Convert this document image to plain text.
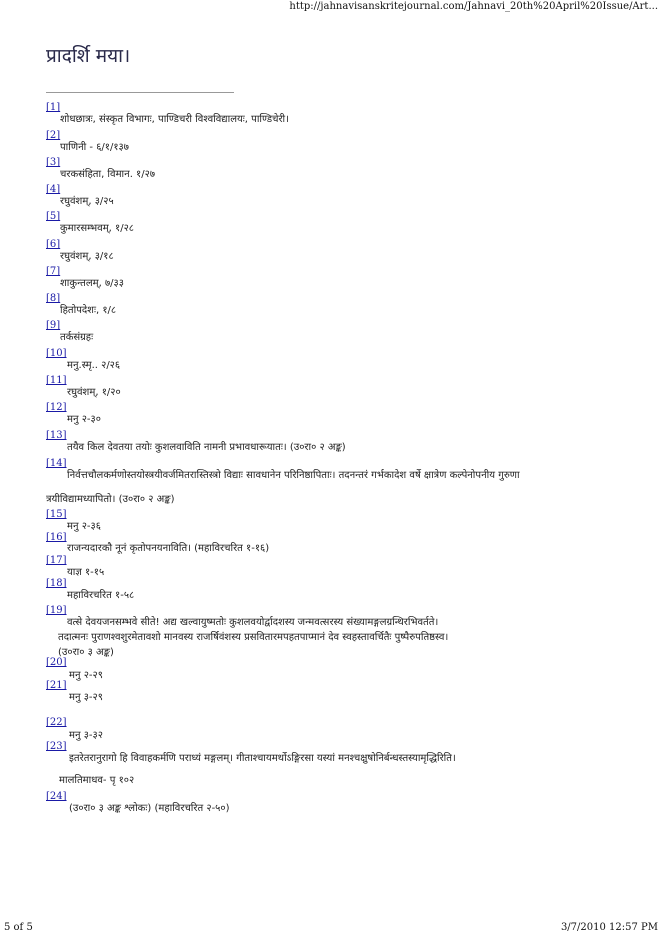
http://jahnavisanskritejournal.com/Jahnavi_20th%20April%20Issue/Art...
प्रादर्शि मया।
[1]
शोधछात्रः, संस्कृत विभागः, पाण्डिचरी विश्वविद्यालयः, पाण्डिचेरी।
[2]
पाणिनी - ६/१/१३७
[3]
चरकसंहिता, विमान. १/२७
[4]
रघुवंशम्, ३/२५
[5]
कुमारसम्भवम्, १/२८
[6]
रघुवंशम्, ३/१८
[7]
शाकुन्तलम्, ७/३३
[8]
हितोपदेशः, १/८
[9]
तर्कसंग्रहः
[10]
मनु.स्मृ.. २/२६
[11]
रघुवंशम्, १/२०
[12]
मनु २-३०
[13]
तयैव किल देवतया तयोः कुशलवाविति नामनी प्रभावधारूयातः। (उ०रा० २ अङ्क)
[14]
निर्वत्तचौलकर्मणोस्तयोस्त्रयीवर्जमितरास्तिस्त्रो विद्याः सावधानेन परिनिष्ठापिताः। तदनन्तरं गर्भकादेश वर्षे क्षात्रेण कल्पेनोपनीय गुरुणा
त्रयीविद्यामध्यापितो। (उ०रा० २ अङ्क)
[15]
मनु २-३६
[16]
राजन्यदारकौ नूनं कृतोपनयनाविति। (महाविरचरित १-१६)
[17]
याज्ञ १-१५
[18]
महाविरचरित १-५८
[19]
वत्से देवयजनसम्भवे सीते! अद्य खल्वायुष्मतोः कुशलवयोर्द्वादशस्य जन्मवत्सरस्य संख्यामङ्गलग्रन्थिरभिवर्तते।
तदात्मनः पुराणश्वशुरमेतावशो मानवस्य राजर्षिवंशस्य प्रसवितारमपहतपाप्मानं देव स्वहस्तावर्चितैः पुष्पैरुपतिष्ठस्व।
(उ०रा० ३ अङ्क)
[20]
मनु २-२९
[21]
मनु ३-२९
[22]
मनु ३-३२
[23]
इतरेतरानुरागो हि विवाहकर्मणि पराध्यं मङ्गलम्। गीताश्चायमर्थोऽङ्गिरसा यस्यां मनश्चक्षुषोनिर्बन्धस्तस्यामृद्धिरिति।
मालतिमाधव- पृ १०२
[24]
(उ०रा० ३ अङ्क श्लोकः) (महाविरचरित २-५०)
5 of 5	3/7/2010 12:57 PM
